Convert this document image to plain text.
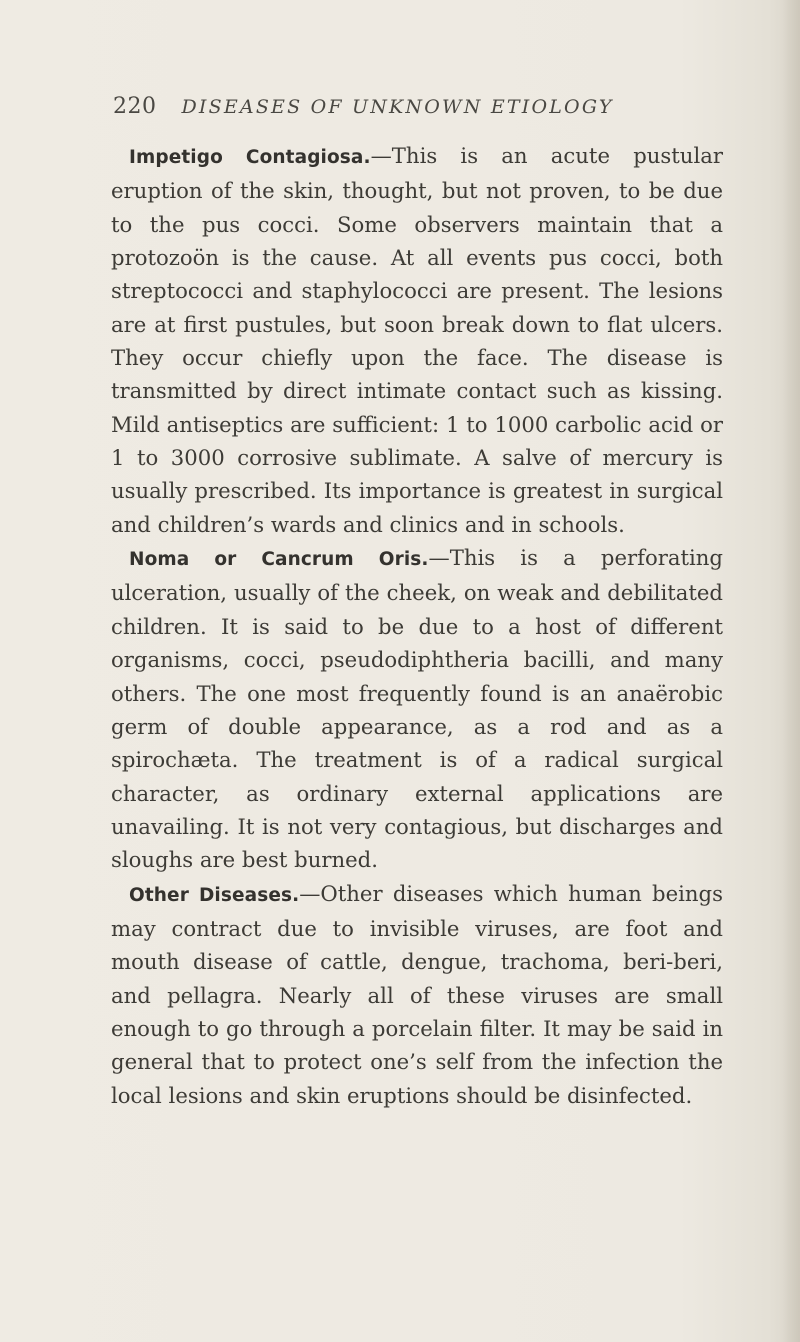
220 DISEASES OF UNKNOWN ETIOLOGY

Impetigo Contagiosa.—This is an acute pustular eruption of the skin, thought, but not proven, to be due to the pus cocci. Some observers maintain that a protozoön is the cause. At all events pus cocci, both streptococci and staphylococci are present. The lesions are at first pustules, but soon break down to flat ulcers. They occur chiefly upon the face. The disease is transmitted by direct intimate contact such as kissing. Mild antiseptics are sufficient: 1 to 1000 carbolic acid or 1 to 3000 corrosive sublimate. A salve of mercury is usually prescribed. Its importance is greatest in surgical and children’s wards and clinics and in schools.

Noma or Cancrum Oris.—This is a perforating ulceration, usually of the cheek, on weak and debilitated children. It is said to be due to a host of different organisms, cocci, pseudodiphtheria bacilli, and many others. The one most frequently found is an anaërobic germ of double appearance, as a rod and as a spirochæta. The treatment is of a radical surgical character, as ordinary external applications are unavailing. It is not very contagious, but discharges and sloughs are best burned.

Other Diseases.—Other diseases which human beings may contract due to invisible viruses, are foot and mouth disease of cattle, dengue, trachoma, beri-beri, and pellagra. Nearly all of these viruses are small enough to go through a porcelain filter. It may be said in general that to protect one’s self from the infection the local lesions and skin eruptions should be disinfected.
